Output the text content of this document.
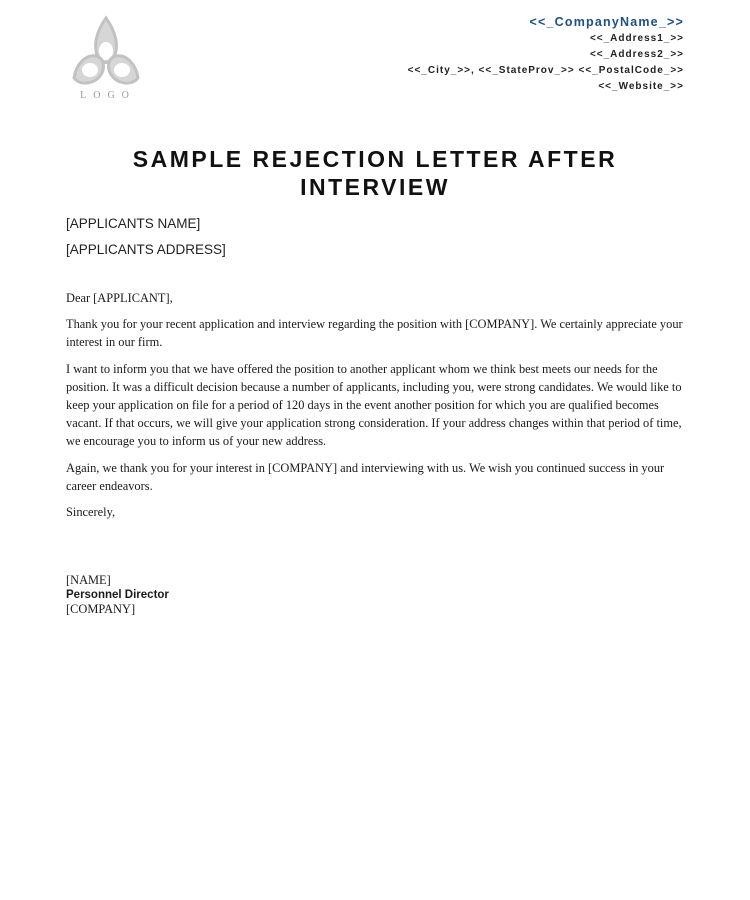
LOGO
<<_CompanyName_>>
<<_Address1_>>
<<_Address2_>>
<<_City_>>, <<_StateProv_>> <<_PostalCode_>>
<<_Website_>>
SAMPLE REJECTION LETTER AFTER
INTERVIEW
[APPLICANTS NAME]
[APPLICANTS ADDRESS]

Dear [APPLICANT],

Thank you for your recent application and interview regarding the position with [COMPANY]. We certainly appreciate your interest in our firm.

I want to inform you that we have offered the position to another applicant whom we think best meets our needs for the position. It was a difficult decision because a number of applicants, including you, were strong candidates. We would like to keep your application on file for a period of 120 days in the event another position for which you are qualified becomes vacant. If that occurs, we will give your application strong consideration. If your address changes within that period of time, we encourage you to inform us of your new address.

Again, we thank you for your interest in [COMPANY] and interviewing with us. We wish you continued success in your career endeavors.

Sincerely,

[NAME]
Personnel Director
[COMPANY]
